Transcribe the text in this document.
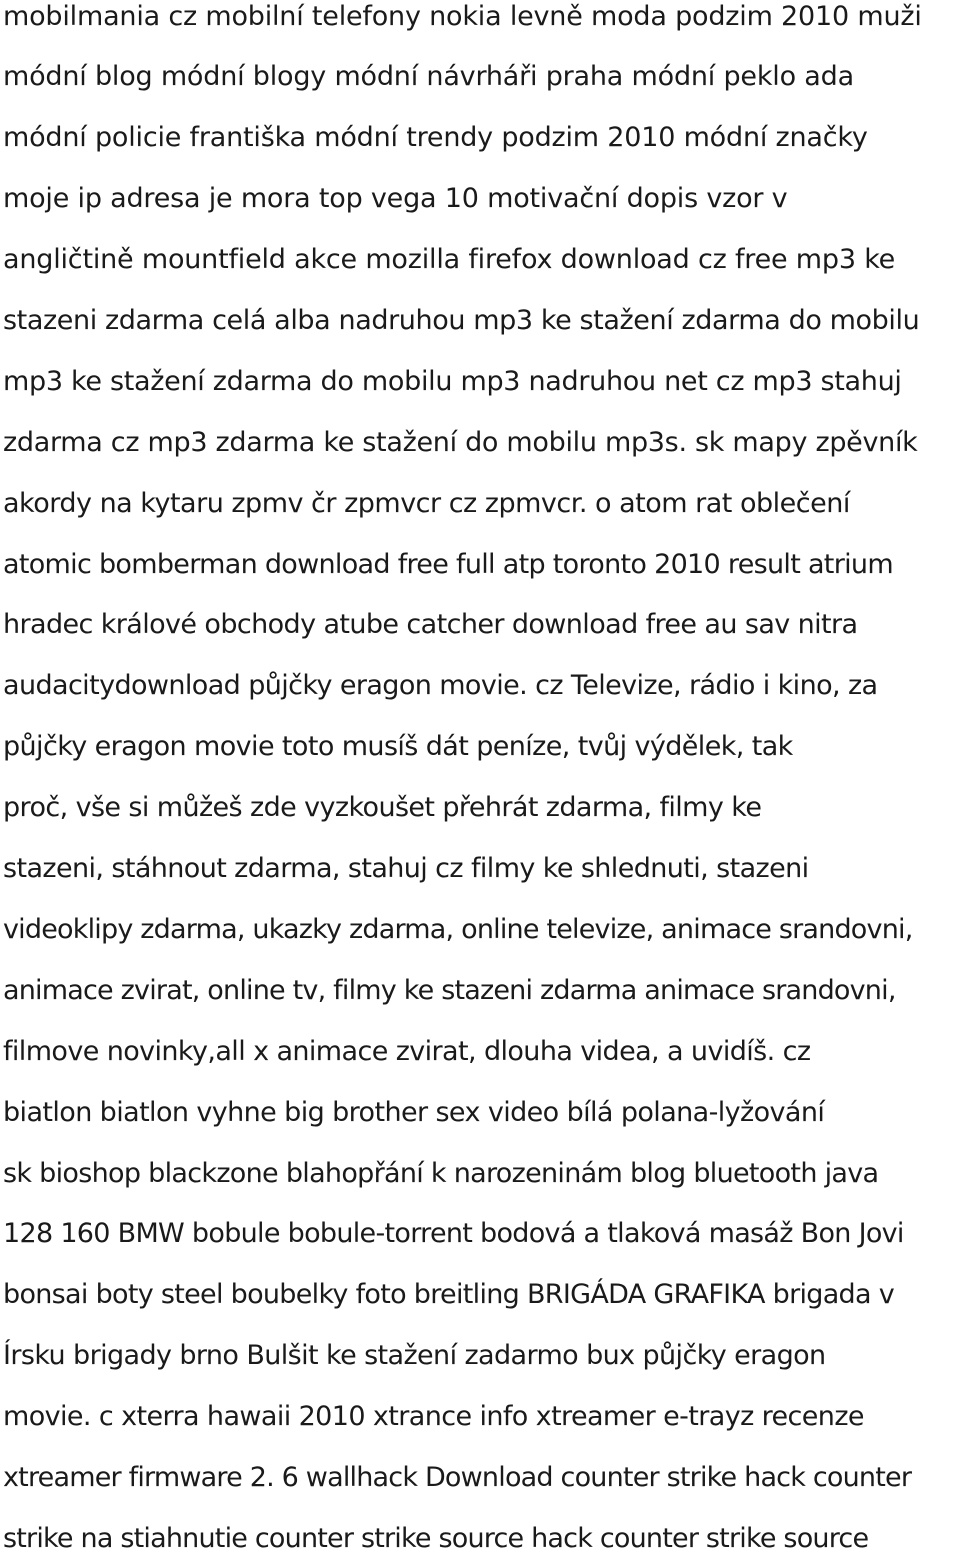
mobilmania cz mobilní telefony nokia levně moda podzim 2010 muži

módní blog módní blogy módní návrháři praha módní peklo ada

módní policie františka módní trendy podzim 2010 módní značky

moje ip adresa je mora top vega 10 motivační dopis vzor v

angličtině mountfield akce mozilla firefox download cz free mp3 ke

stazeni zdarma celá alba nadruhou mp3 ke stažení zdarma do mobilu

mp3 ke stažení zdarma do mobilu mp3 nadruhou net cz mp3 stahuj

zdarma cz mp3 zdarma ke stažení do mobilu mp3s. sk mapy zpěvník

akordy na kytaru zpmv čr zpmvcr cz zpmvcr. o atom rat oblečení

atomic bomberman download free full atp toronto 2010 result atrium

hradec králové obchody atube catcher download free au sav nitra

audacitydownload půjčky eragon movie. cz Televize, rádio i kino, za

půjčky eragon movie toto musíš dát peníze, tvůj výdělek, tak

proč, vše si můžeš zde vyzkoušet přehrát zdarma, filmy ke

stazeni, stáhnout zdarma, stahuj cz filmy ke shlednuti, stazeni

videoklipy zdarma, ukazky zdarma, online televize, animace srandovni,

animace zvirat, online tv, filmy ke stazeni zdarma animace srandovni,

filmove novinky,all x animace zvirat, dlouha videa, a uvidíš. cz

biatlon biatlon vyhne big brother sex video bílá polana-lyžování

sk bioshop blackzone blahopřání k narozeninám blog bluetooth java

128 160 BMW bobule bobule-torrent bodová a tlaková masáž Bon Jovi

bonsai boty steel boubelky foto breitling BRIGÁDA GRAFIKA brigada v

Írsku brigady brno Bulšit ke stažení zadarmo bux půjčky eragon

movie. c xterra hawaii 2010 xtrance info xtreamer e-trayz recenze

xtreamer firmware 2. 6 wallhack Download counter strike hack counter

strike na stiahnutie counter strike source hack counter strike source
